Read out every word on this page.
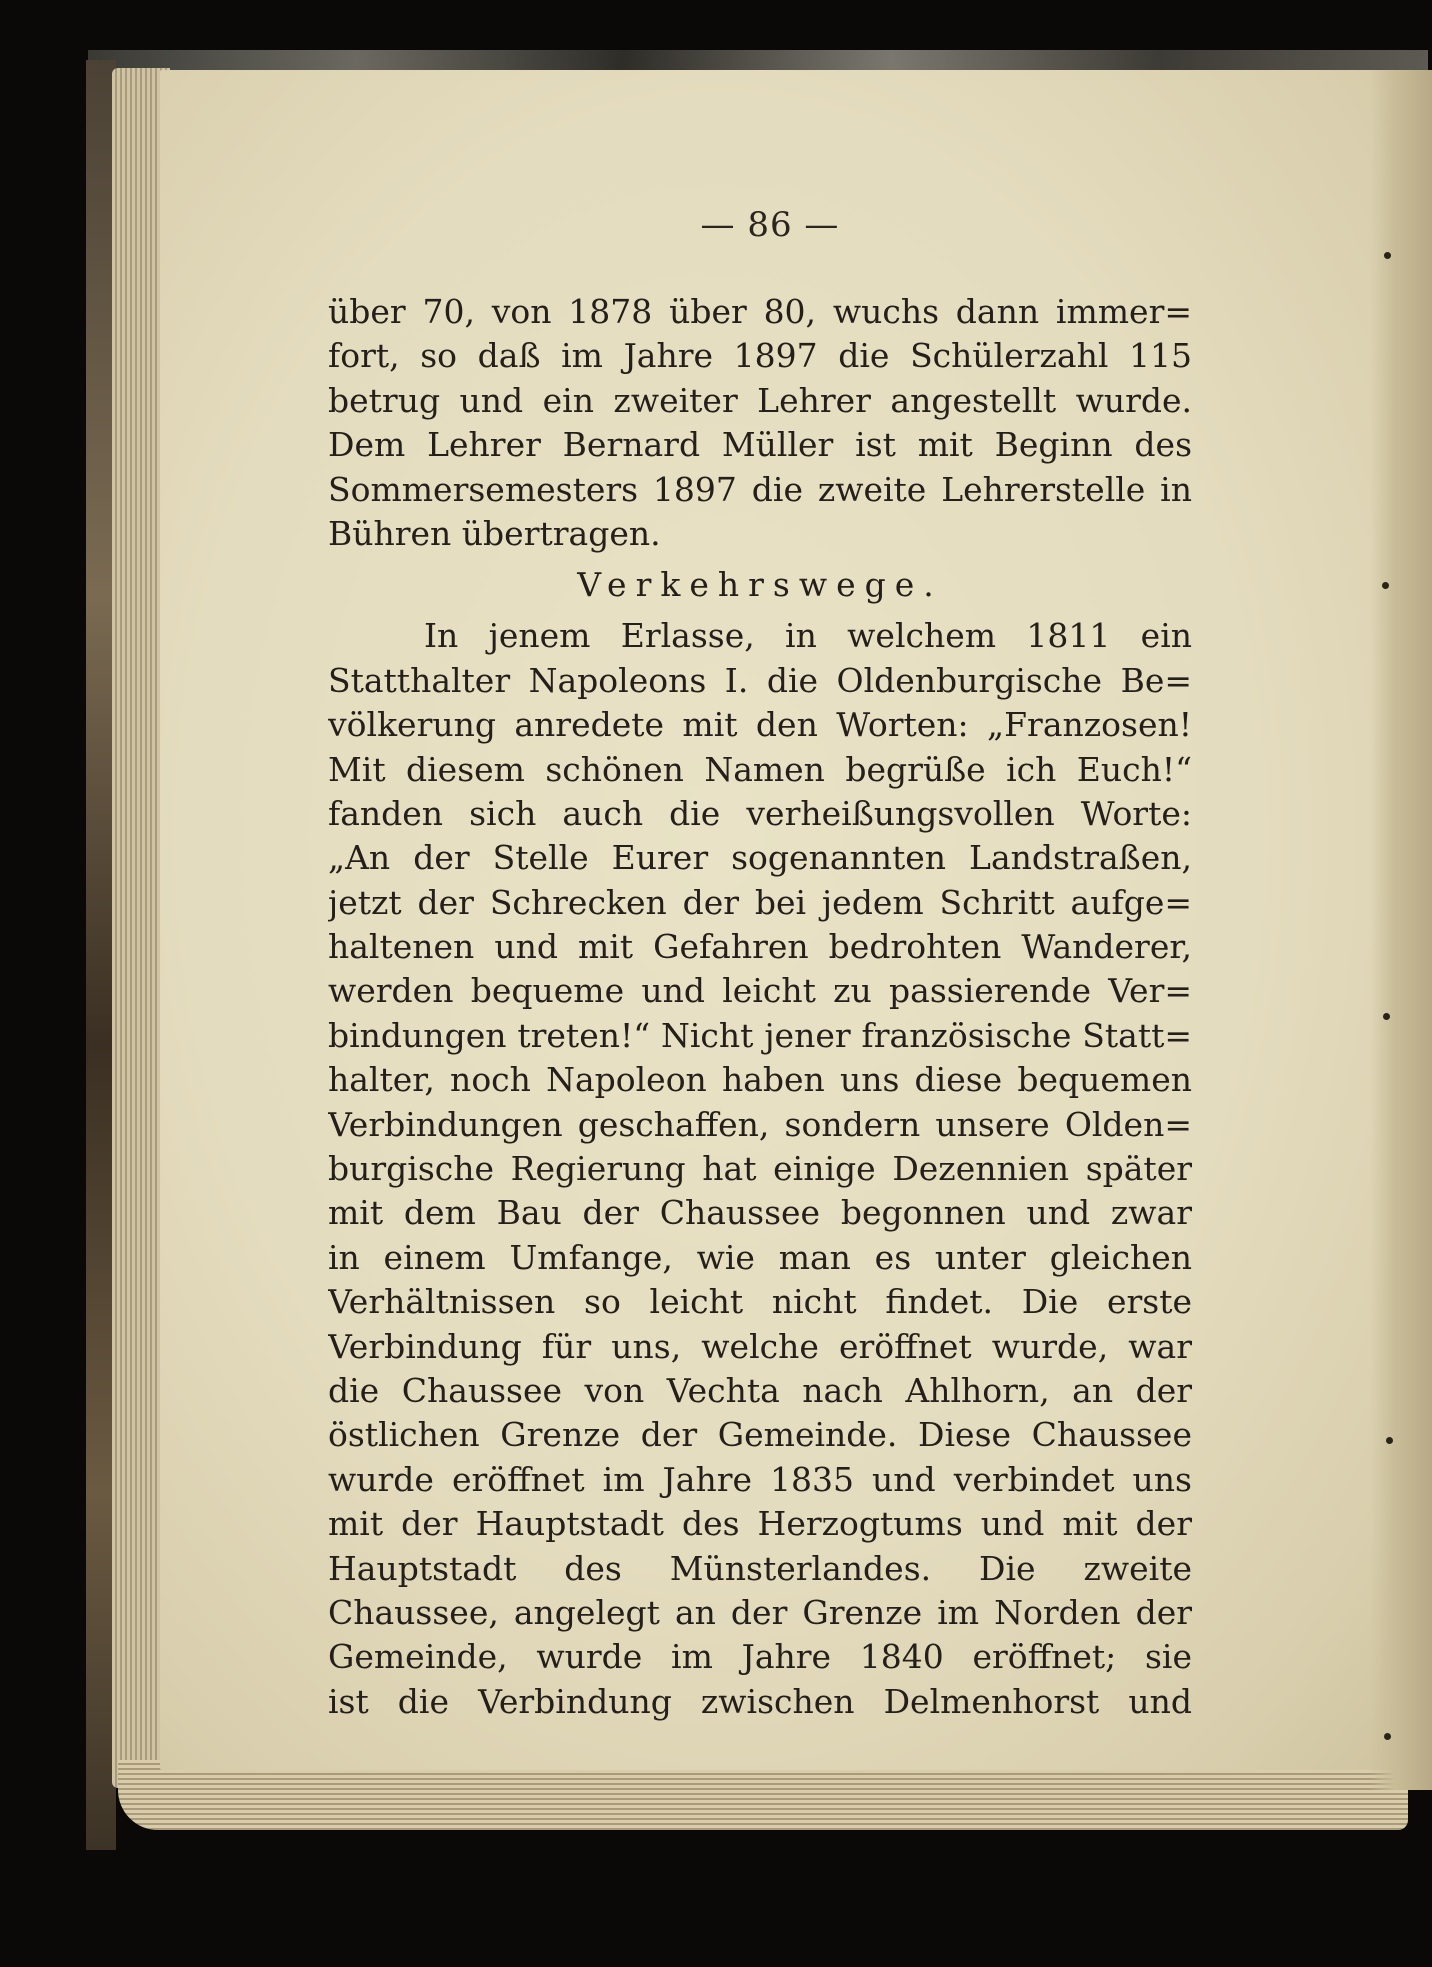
— 86 —
über 70, von 1878 über 80, wuchs dann immer=
fort, so daß im Jahre 1897 die Schülerzahl 115
betrug und ein zweiter Lehrer angestellt wurde.
Dem Lehrer Bernard Müller ist mit Beginn des
Sommersemesters 1897 die zweite Lehrerstelle in
Bühren übertragen.
Verkehrswege.
In jenem Erlasse, in welchem 1811 ein
Statthalter Napoleons I. die Oldenburgische Be=
völkerung anredete mit den Worten: „Franzosen!
Mit diesem schönen Namen begrüße ich Euch!“
fanden sich auch die verheißungsvollen Worte:
„An der Stelle Eurer sogenannten Landstraßen,
jetzt der Schrecken der bei jedem Schritt aufge=
haltenen und mit Gefahren bedrohten Wanderer,
werden bequeme und leicht zu passierende Ver=
bindungen treten!“ Nicht jener französische Statt=
halter, noch Napoleon haben uns diese bequemen
Verbindungen geschaffen, sondern unsere Olden=
burgische Regierung hat einige Dezennien später
mit dem Bau der Chaussee begonnen und zwar
in einem Umfange, wie man es unter gleichen
Verhältnissen so leicht nicht findet. Die erste
Verbindung für uns, welche eröffnet wurde, war
die Chaussee von Vechta nach Ahlhorn, an der
östlichen Grenze der Gemeinde. Diese Chaussee
wurde eröffnet im Jahre 1835 und verbindet uns
mit der Hauptstadt des Herzogtums und mit der
Hauptstadt des Münsterlandes. Die zweite
Chaussee, angelegt an der Grenze im Norden der
Gemeinde, wurde im Jahre 1840 eröffnet; sie
ist die Verbindung zwischen Delmenhorst und
